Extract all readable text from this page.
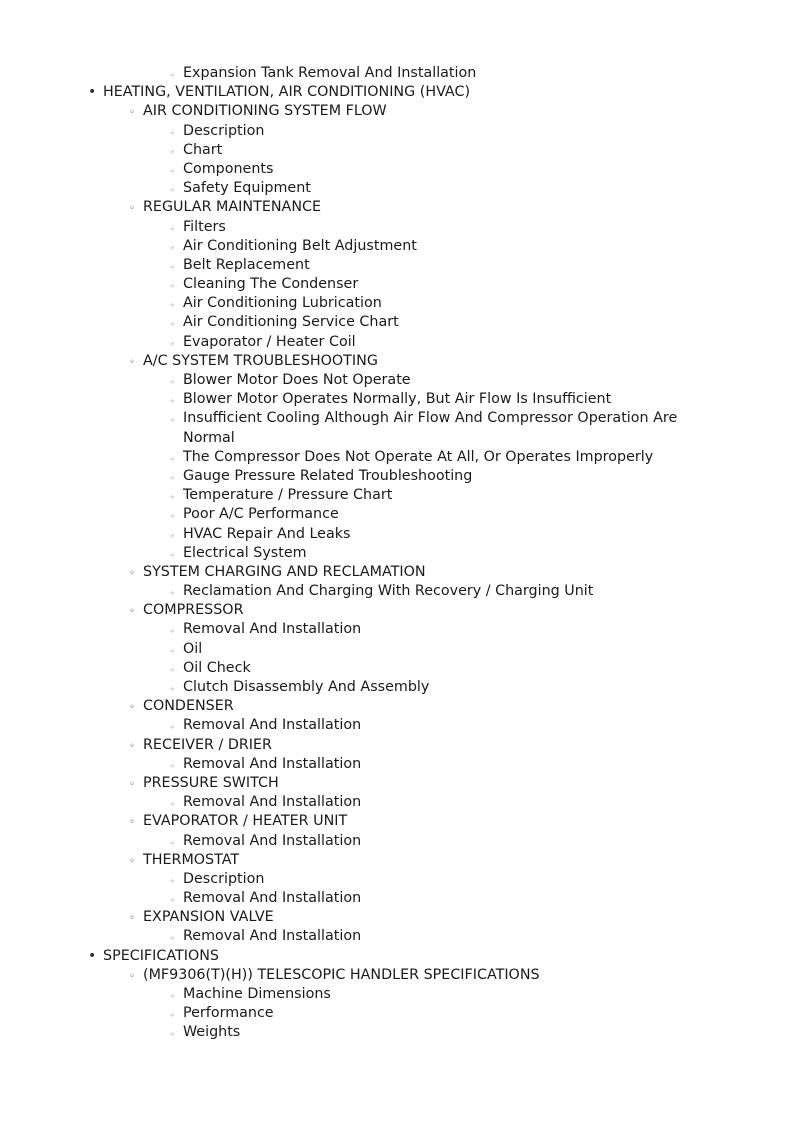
◦ Expansion Tank Removal And Installation
• HEATING, VENTILATION, AIR CONDITIONING (HVAC)
◦ AIR CONDITIONING SYSTEM FLOW
◦ Description
◦ Chart
◦ Components
◦ Safety Equipment
◦ REGULAR MAINTENANCE
◦ Filters
◦ Air Conditioning Belt Adjustment
◦ Belt Replacement
◦ Cleaning The Condenser
◦ Air Conditioning Lubrication
◦ Air Conditioning Service Chart
◦ Evaporator / Heater Coil
◦ A/C SYSTEM TROUBLESHOOTING
◦ Blower Motor Does Not Operate
◦ Blower Motor Operates Normally, But Air Flow Is Insufficient
◦ Insufficient Cooling Although Air Flow And Compressor Operation Are Normal
◦ The Compressor Does Not Operate At All, Or Operates Improperly
◦ Gauge Pressure Related Troubleshooting
◦ Temperature / Pressure Chart
◦ Poor A/C Performance
◦ HVAC Repair And Leaks
◦ Electrical System
◦ SYSTEM CHARGING AND RECLAMATION
◦ Reclamation And Charging With Recovery / Charging Unit
◦ COMPRESSOR
◦ Removal And Installation
◦ Oil
◦ Oil Check
◦ Clutch Disassembly And Assembly
◦ CONDENSER
◦ Removal And Installation
◦ RECEIVER / DRIER
◦ Removal And Installation
◦ PRESSURE SWITCH
◦ Removal And Installation
◦ EVAPORATOR / HEATER UNIT
◦ Removal And Installation
◦ THERMOSTAT
◦ Description
◦ Removal And Installation
◦ EXPANSION VALVE
◦ Removal And Installation
• SPECIFICATIONS
◦ (MF9306(T)(H)) TELESCOPIC HANDLER SPECIFICATIONS
◦ Machine Dimensions
◦ Performance
◦ Weights
